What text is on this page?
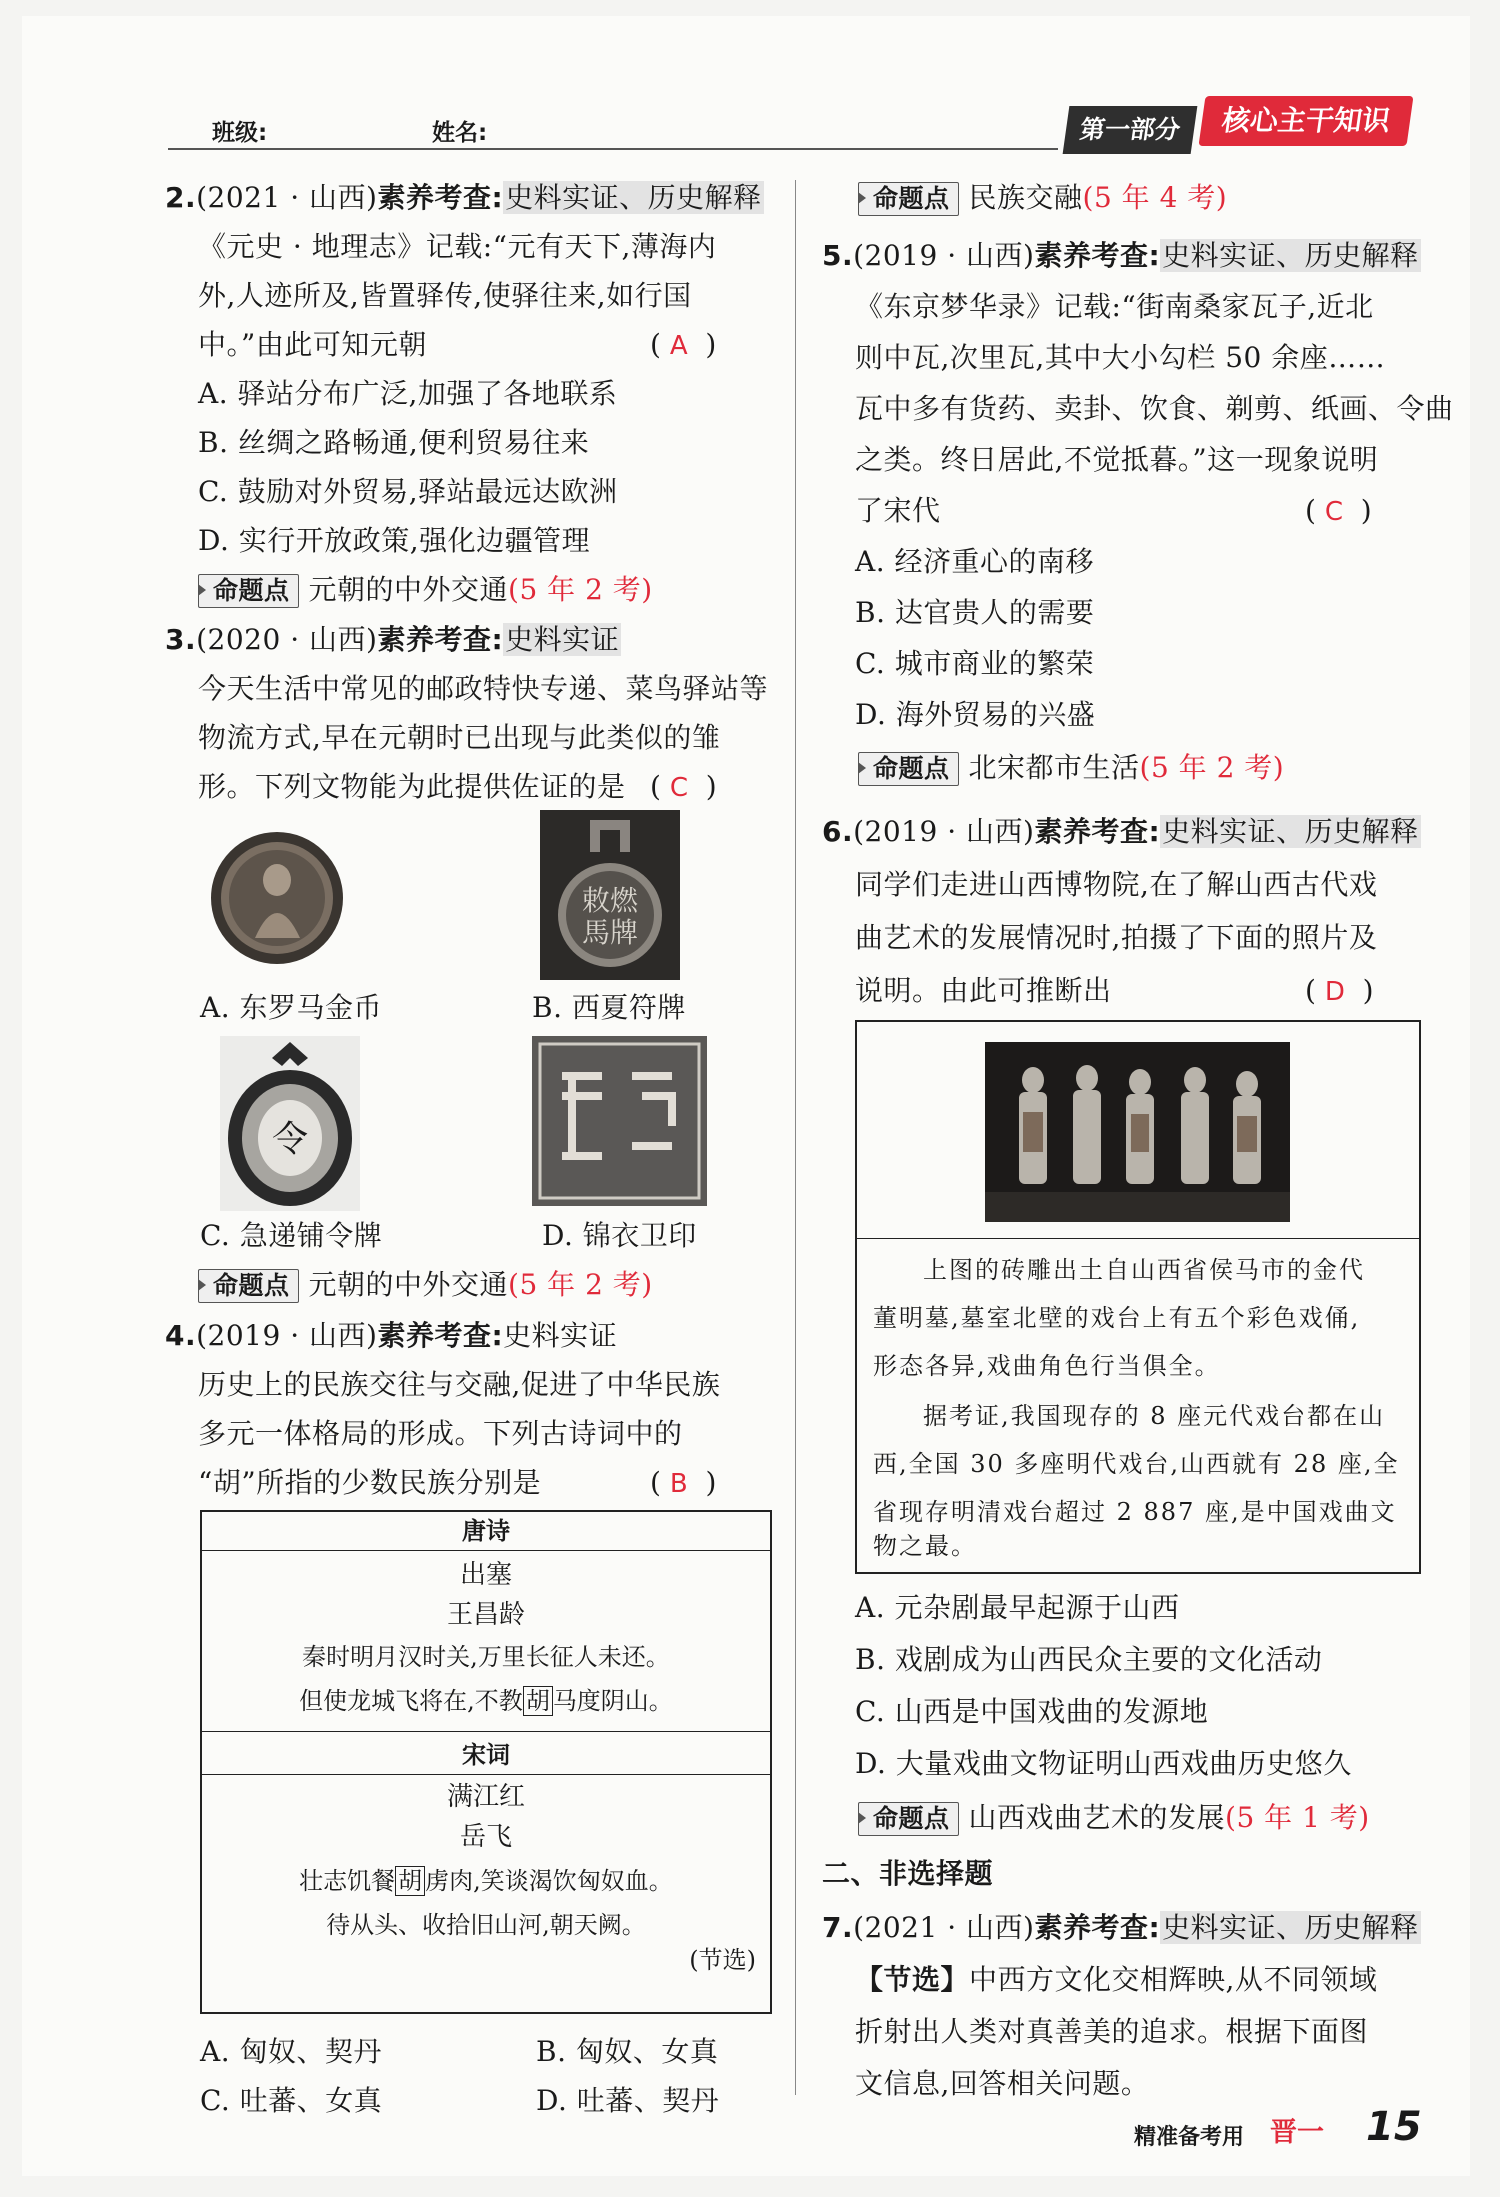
班级:	姓名:	第一部分	核心主干知识
2.(2021 · 山西)素养考查:史料实证、历史解释
《元史 · 地理志》记载:“元有天下,薄海内
外,人迹所及,皆置驿传,使驿往来,如行国
中。”由此可知元朝	( A  )
A. 驿站分布广泛,加强了各地联系
B. 丝绸之路畅通,便利贸易往来
C. 鼓励对外贸易,驿站最远达欧洲
D. 实行开放政策,强化边疆管理
命题点 元朝的中外交通(5 年 2 考)
3.(2020 · 山西)素养考查:史料实证
今天生活中常见的邮政特快专递、菜鸟驿站等
物流方式,早在元朝时已出现与此类似的雏
形。下列文物能为此提供佐证的是 ( C  )
敕燃
馬牌
A. 东罗马金币	B. 西夏符牌
令
C. 急递铺令牌	D. 锦衣卫印
命题点 元朝的中外交通(5 年 2 考)
4.(2019 · 山西)素养考查:史料实证
历史上的民族交往与交融,促进了中华民族
多元一体格局的形成。下列古诗词中的
“胡”所指的少数民族分别是	( B  )
唐诗
出塞
王昌龄
秦时明月汉时关,万里长征人未还。
但使龙城飞将在,不教 胡 马度阴山。
宋词
满江红
岳飞
壮志饥餐 胡 虏肉,笑谈渴饮匈奴血。
待从头、收拾旧山河,朝天阙。
(节选)
A. 匈奴、契丹	B. 匈奴、女真
C. 吐蕃、女真	D. 吐蕃、契丹
命题点 民族交融(5 年 4 考)
5.(2019 · 山西)素养考查:史料实证、历史解释
《东京梦华录》记载:“街南桑家瓦子,近北
则中瓦,次里瓦,其中大小勾栏 50 余座……
瓦中多有货药、卖卦、饮食、剃剪、纸画、令曲
之类。终日居此,不觉抵暮。”这一现象说明
了宋代	( C  )
A. 经济重心的南移
B. 达官贵人的需要
C. 城市商业的繁荣
D. 海外贸易的兴盛
命题点 北宋都市生活(5 年 2 考)
6.(2019 · 山西)素养考查:史料实证、历史解释
同学们走进山西博物院,在了解山西古代戏
曲艺术的发展情况时,拍摄了下面的照片及
说明。由此可推断出	( D  )
上图的砖雕出土自山西省侯马市的金代
董明墓,墓室北壁的戏台上有五个彩色戏俑,
形态各异,戏曲角色行当俱全。
据考证,我国现存的 8 座元代戏台都在山
西,全国 30 多座明代戏台,山西就有 28 座,全
省现存明清戏台超过 2 887 座,是中国戏曲文
物之最。
A. 元杂剧最早起源于山西
B. 戏剧成为山西民众主要的文化活动
C. 山西是中国戏曲的发源地
D. 大量戏曲文物证明山西戏曲历史悠久
命题点 山西戏曲艺术的发展(5 年 1 考)
二、非选择题
7.(2021 · 山西)素养考查:史料实证、历史解释
【节选】中西方文化交相辉映,从不同领域
折射出人类对真善美的追求。根据下面图
文信息,回答相关问题。
精准备考用 晋一 15
